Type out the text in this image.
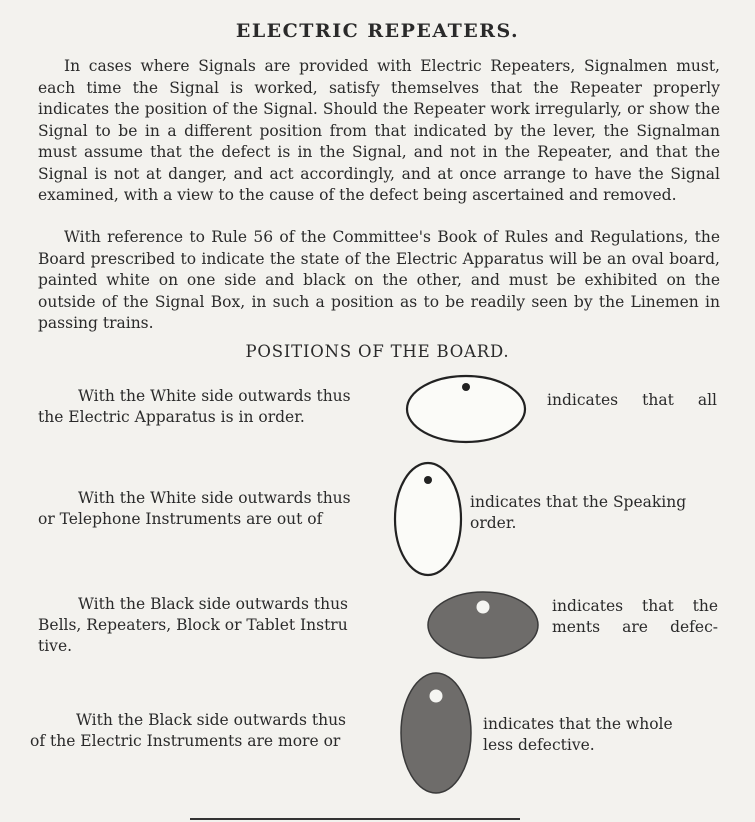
ELECTRIC REPEATERS.
In cases where Signals are provided with Electric Repeaters, Signalmen must, each time the Signal is worked, satisfy themselves that the Repeater properly indicates the position of the Signal. Should the Repeater work irregularly, or show the Signal to be in a different position from that indicated by the lever, the Signalman must assume that the defect is in the Signal, and not in the Repeater, and that the Signal is not at danger, and act accordingly, and at once arrange to have the Signal examined, with a view to the cause of the defect being ascertained and removed.
With reference to Rule 56 of the Committee's Book of Rules and Regulations, the Board prescribed to indicate the state of the Electric Apparatus will be an oval board, painted white on one side and black on the other, and must be exhibited on the outside of the Signal Box, in such a position as to be readily seen by the Linemen in passing trains.
POSITIONS OF THE BOARD.
With the White side outwards thus
the Electric Apparatus is in order.
indicates that all
With the White side outwards thus
or Telephone Instruments are out of
indicates that the Speaking
order.
With the Black side outwards thus
Bells, Repeaters, Block or Tablet Instru
tive.
indicates that the
ments are defec-
With the Black side outwards thus
of the Electric Instruments are more or
indicates that the whole
less defective.
